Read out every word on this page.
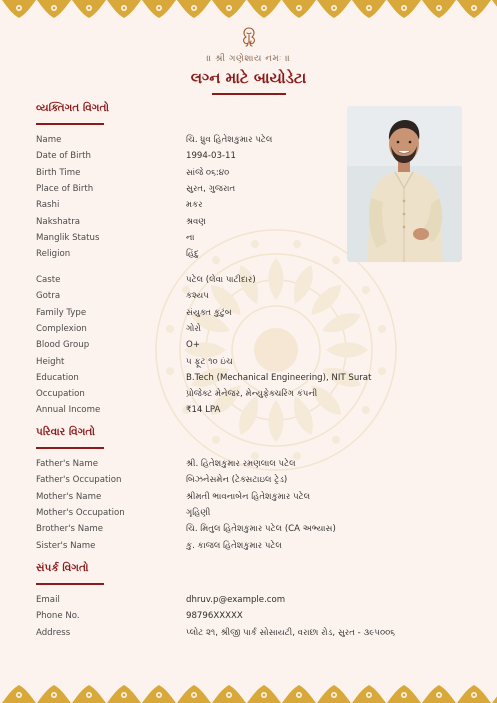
॥ શ્રી ગણેશાય નમઃ ॥
લગ્ન માટે બાયોડેટા
વ્યક્તિગત વિગતો
Name	ચિ. ધ્રુવ હિતેશકુમાર પટેલ
Date of Birth	1994-03-11
Birth Time	સાંજે ૦૬:૪૦
Place of Birth	સુરત, ગુજરાત
Rashi	મકર
Nakshatra	શ્રવણ
Manglik Status	ના
Religion	હિંદુ
Caste	પટેલ (લેવા પાટીદાર)
Gotra	કશ્યપ
Family Type	સંયુક્ત કુટુંબ
Complexion	ગોરો
Blood Group	O+
Height	૫ ફૂટ ૧૦ ઇંચ
Education	B.Tech (Mechanical Engineering), NIT Surat
Occupation	પ્રોજેક્ટ મેનેજર, મેન્યુફેક્ચરિંગ કંપની
Annual Income	₹14 LPA
પરિવાર વિગતો
Father's Name	શ્રી. હિતેશકુમાર રમણલાલ પટેલ
Father's Occupation	બિઝનેસમેન (ટેક્સટાઇલ ટ્રેડ)
Mother's Name	શ્રીમતી ભાવનાબેન હિતેશકુમાર પટેલ
Mother's Occupation	ગૃહિણી
Brother's Name	ચિ. મિતુલ હિતેશકુમાર પટેલ (CA અભ્યાસ)
Sister's Name	કુ. કાજલ હિતેશકુમાર પટેલ
સંપર્ક વિગતો
Email	dhruv.p@example.com
Phone No.	98796XXXXX
Address	પ્લોટ ૨૧, શ્રીજી પાર્ક સોસાયટી, વરાછા રોડ, સુરત - ૩૯૫૦૦૬
